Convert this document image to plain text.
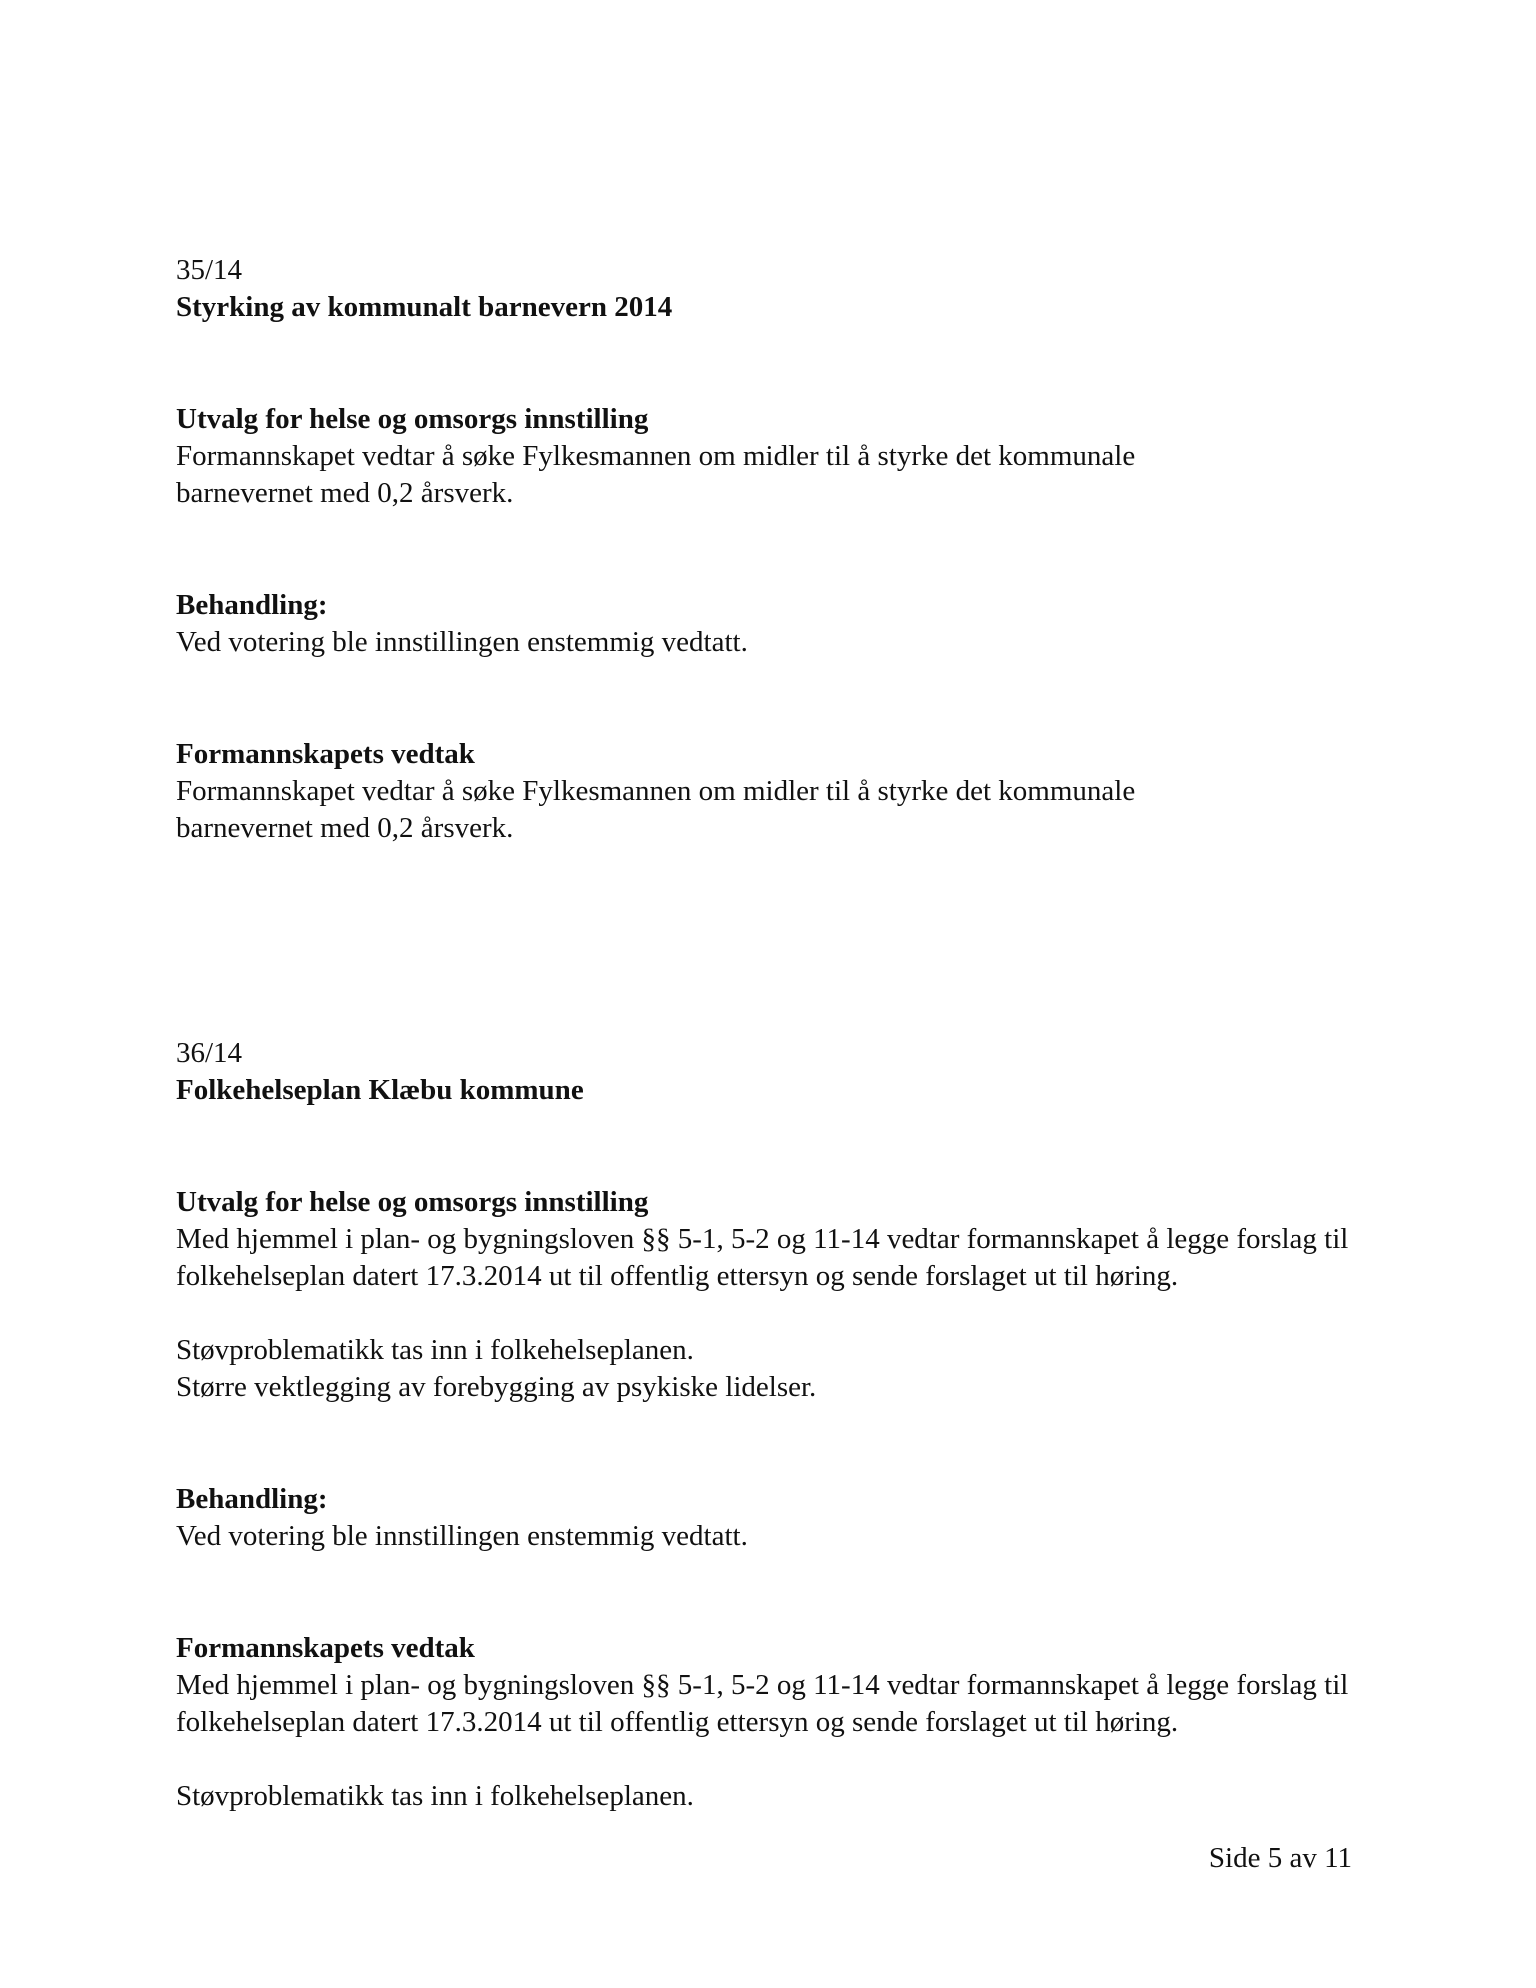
35/14

Styrking av kommunalt barnevern 2014

Utvalg for helse og omsorgs innstilling

Formannskapet vedtar å søke Fylkesmannen om midler til å styrke det kommunale

barnevernet med 0,2 årsverk.

Behandling:

Ved votering ble innstillingen enstemmig vedtatt.

Formannskapets vedtak

Formannskapet vedtar å søke Fylkesmannen om midler til å styrke det kommunale

barnevernet med 0,2 årsverk.

36/14

Folkehelseplan Klæbu kommune

Utvalg for helse og omsorgs innstilling

Med hjemmel i plan- og bygningsloven §§ 5-1, 5-2 og 11-14 vedtar formannskapet å legge forslag til

folkehelseplan datert 17.3.2014 ut til offentlig ettersyn og sende forslaget ut til høring.

Støvproblematikk tas inn i folkehelseplanen.

Større vektlegging av forebygging av psykiske lidelser.

Behandling:

Ved votering ble innstillingen enstemmig vedtatt.

Formannskapets vedtak

Med hjemmel i plan- og bygningsloven §§ 5-1, 5-2 og 11-14 vedtar formannskapet å legge forslag til

folkehelseplan datert 17.3.2014 ut til offentlig ettersyn og sende forslaget ut til høring.

Støvproblematikk tas inn i folkehelseplanen.

Side 5 av 11
